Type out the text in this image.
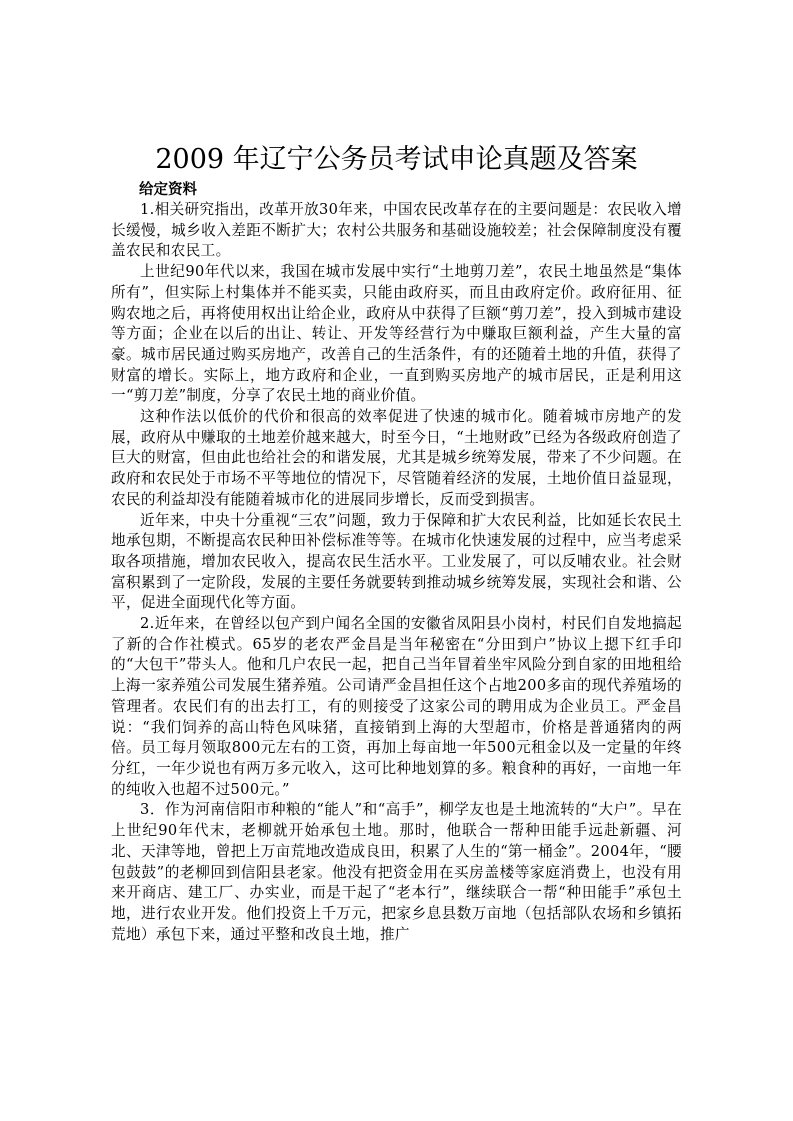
2009 年辽宁公务员考试申论真题及答案
给定资料

1.相关研究指出，改革开放30年来，中国农民改革存在的主要问题是：农民收入增长缓慢，城乡收入差距不断扩大；农村公共服务和基础设施较差；社会保障制度没有覆盖农民和农民工。

上世纪90年代以来，我国在城市发展中实行“土地剪刀差”，农民土地虽然是“集体所有”，但实际上村集体并不能买卖，只能由政府买，而且由政府定价。政府征用、征购农地之后，再将使用权出让给企业，政府从中获得了巨额“剪刀差”，投入到城市建设等方面；企业在以后的出让、转让、开发等经营行为中赚取巨额利益，产生大量的富豪。城市居民通过购买房地产，改善自己的生活条件，有的还随着土地的升值，获得了财富的增长。实际上，地方政府和企业，一直到购买房地产的城市居民，正是利用这一“剪刀差”制度，分享了农民土地的商业价值。

这种作法以低价的代价和很高的效率促进了快速的城市化。随着城市房地产的发展，政府从中赚取的土地差价越来越大，时至今日，“土地财政”已经为各级政府创造了巨大的财富，但由此也给社会的和谐发展，尤其是城乡统筹发展，带来了不少问题。在政府和农民处于市场不平等地位的情况下，尽管随着经济的发展，土地价值日益显现，农民的利益却没有能随着城市化的进展同步增长，反而受到损害。

近年来，中央十分重视“三农”问题，致力于保障和扩大农民利益，比如延长农民土地承包期，不断提高农民种田补偿标准等等。在城市化快速发展的过程中，应当考虑采取各项措施，增加农民收入，提高农民生活水平。工业发展了，可以反哺农业。社会财富积累到了一定阶段，发展的主要任务就要转到推动城乡统筹发展，实现社会和谐、公平，促进全面现代化等方面。

2.近年来，在曾经以包产到户闻名全国的安徽省凤阳县小岗村，村民们自发地搞起了新的合作社模式。65岁的老农严金昌是当年秘密在“分田到户”协议上摁下红手印的“大包干”带头人。他和几户农民一起，把自己当年冒着坐牢风险分到自家的田地租给上海一家养殖公司发展生猪养殖。公司请严金昌担任这个占地200多亩的现代养殖场的管理者。农民们有的出去打工，有的则接受了这家公司的聘用成为企业员工。严金昌说：“我们饲养的高山特色风味猪，直接销到上海的大型超市，价格是普通猪肉的两倍。员工每月领取800元左右的工资，再加上每亩地一年500元租金以及一定量的年终分红，一年少说也有两万多元收入，这可比种地划算的多。粮食种的再好，一亩地一年的纯收入也超不过500元。”

3．作为河南信阳市种粮的“能人”和“高手”，柳学友也是土地流转的“大户”。早在上世纪90年代末，老柳就开始承包土地。那时，他联合一帮种田能手远赴新疆、河北、天津等地，曾把上万亩荒地改造成良田，积累了人生的“第一桶金”。2004年，“腰包鼓鼓”的老柳回到信阳县老家。他没有把资金用在买房盖楼等家庭消费上，也没有用来开商店、建工厂、办实业，而是干起了“老本行”，继续联合一帮“种田能手”承包土地，进行农业开发。他们投资上千万元，把家乡息县数万亩地（包括部队农场和乡镇拓荒地）承包下来，通过平整和改良土地，推广
